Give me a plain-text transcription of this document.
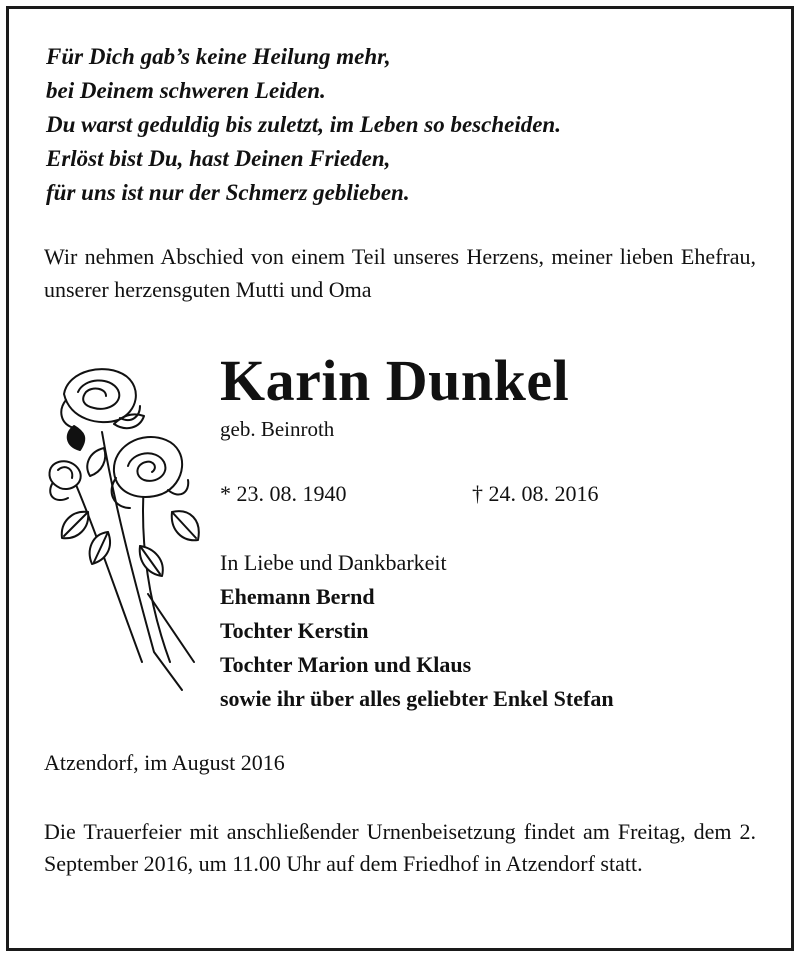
Für Dich gab’s keine Heilung mehr,
bei Deinem schweren Leiden.
Du warst geduldig bis zuletzt, im Leben so bescheiden.
Erlöst bist Du, hast Deinen Frieden,
für uns ist nur der Schmerz geblieben.
Wir nehmen Abschied von einem Teil unseres Herzens, meiner lieben Ehefrau, unserer herzensguten Mutti und Oma
Karin Dunkel
geb. Beinroth
* 23. 08. 1940	† 24. 08. 2016
In Liebe und Dankbarkeit
Ehemann Bernd
Tochter Kerstin
Tochter Marion und Klaus
sowie ihr über alles geliebter Enkel Stefan
Atzendorf, im August 2016
Die Trauerfeier mit anschließender Urnenbeisetzung findet am Freitag, dem 2. September 2016, um 11.00 Uhr auf dem Friedhof in Atzendorf statt.
